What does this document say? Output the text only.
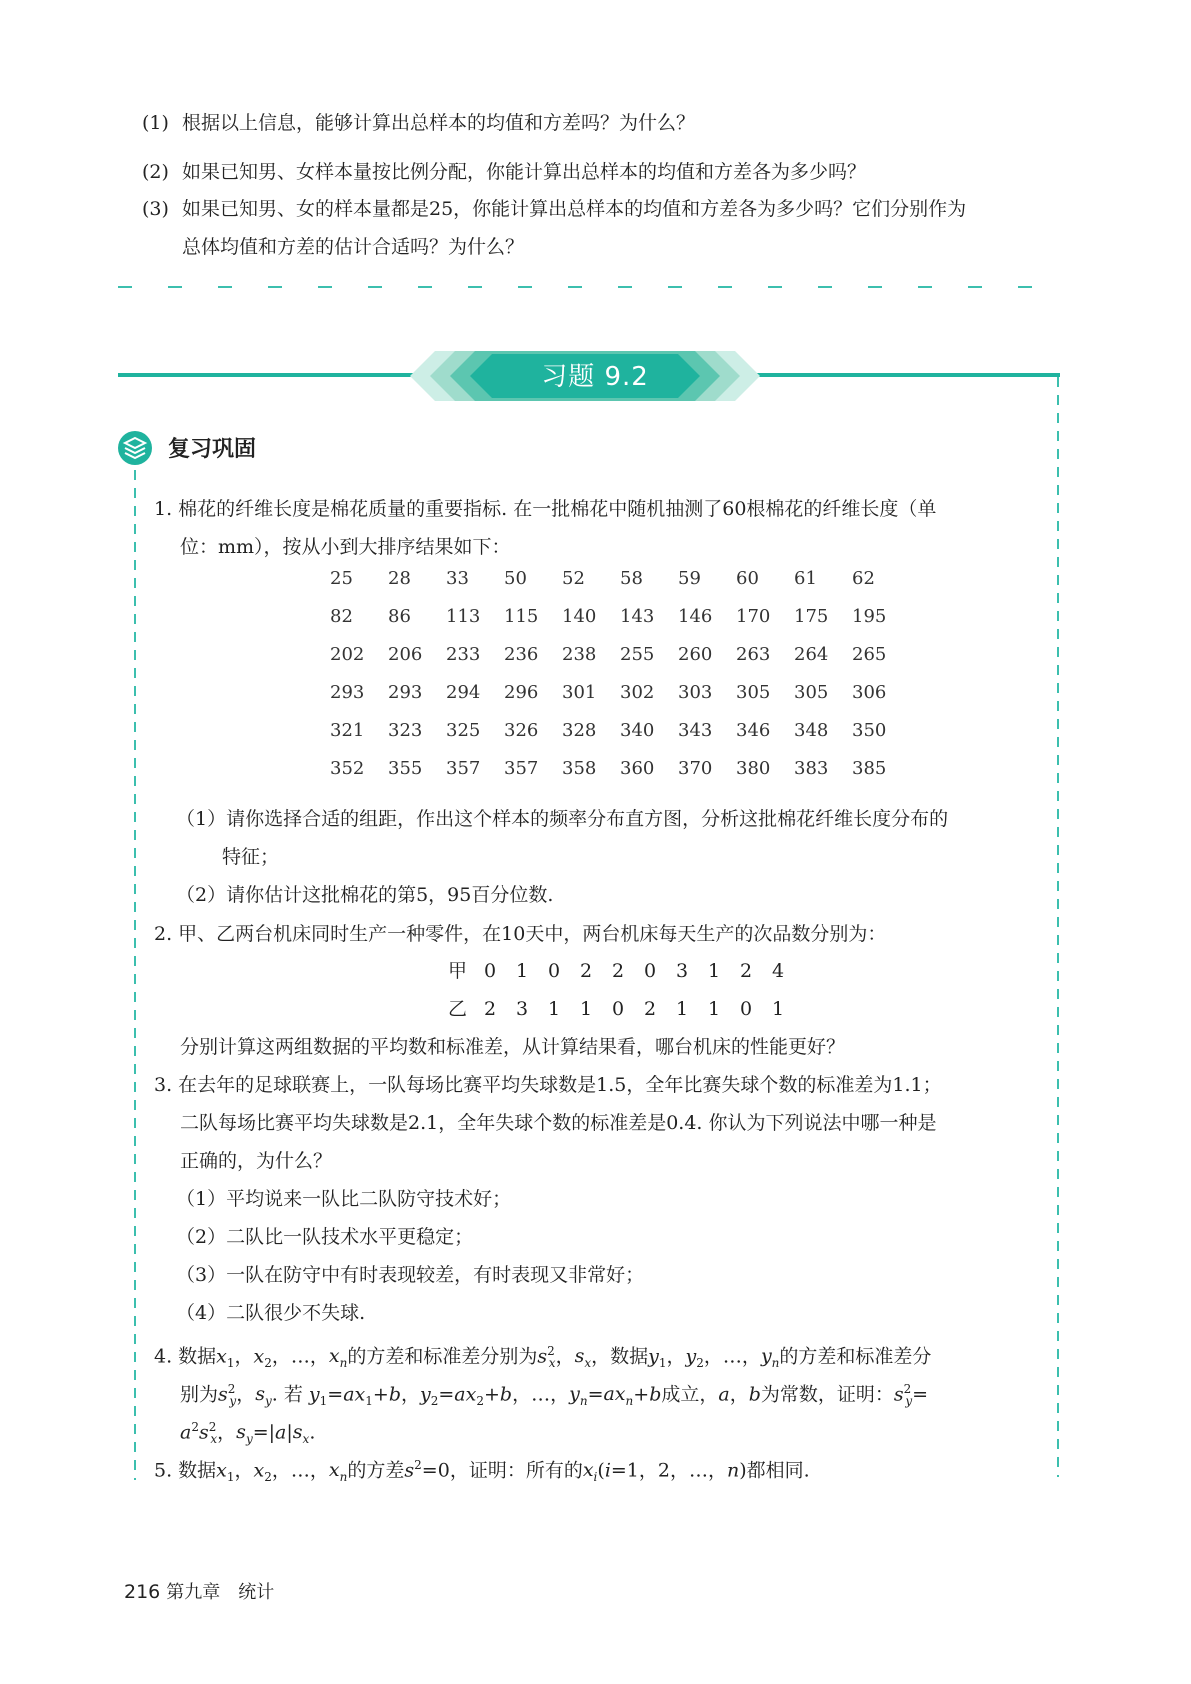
(1) 根据以上信息，能够计算出总样本的均值和方差吗？为什么？
(2) 如果已知男、女样本量按比例分配，你能计算出总样本的均值和方差各为多少吗？
(3) 如果已知男、女的样本量都是25，你能计算出总样本的均值和方差各为多少吗？它们分别作为
总体均值和方差的估计合适吗？为什么？
习题 9.2
复习巩固
1. 棉花的纤维长度是棉花质量的重要指标. 在一批棉花中随机抽测了60根棉花的纤维长度（单
位：mm），按从小到大排序结果如下：
25	28	33	50	52	58	59	60	61	62
82	86	113	115	140	143	146	170	175	195
202	206	233	236	238	255	260	263	264	265
293	293	294	296	301	302	303	305	305	306
321	323	325	326	328	340	343	346	348	350
352	355	357	357	358	360	370	380	383	385
（1）请你选择合适的组距，作出这个样本的频率分布直方图，分析这批棉花纤维长度分布的
特征；
（2）请你估计这批棉花的第5，95百分位数.
2. 甲、乙两台机床同时生产一种零件，在10天中，两台机床每天生产的次品数分别为：
甲 0 1 0 2 2 0 3 1 2 4
乙 2 3 1 1 0 2 1 1 0 1
分别计算这两组数据的平均数和标准差，从计算结果看，哪台机床的性能更好？
3. 在去年的足球联赛上，一队每场比赛平均失球数是1.5，全年比赛失球个数的标准差为1.1；
二队每场比赛平均失球数是2.1，全年失球个数的标准差是0.4. 你认为下列说法中哪一种是
正确的，为什么？
（1）平均说来一队比二队防守技术好；
（2）二队比一队技术水平更稳定；
（3）一队在防守中有时表现较差，有时表现又非常好；
（4）二队很少不失球.
4. 数据$x_1$，$x_2$，…，$x_n$的方差和标准差分别为$s^2_x$，$s_x$，数据$y_1$，$y_2$，…，$y_n$的方差和标准差分
别为$s^2_y$，$s_y$. 若 $y_1=ax_1+b$，$y_2=ax_2+b$，…，$y_n=ax_n+b$成立，a，b为常数，证明：$s^2_y=$
$a^2s^2_x$，$s_y=|a|s_x$.
5. 数据$x_1$，$x_2$，…，$x_n$的方差$s^2=0$，证明：所有的$x_i(i=1$，2，…，n)都相同.
216 第九章　统计
